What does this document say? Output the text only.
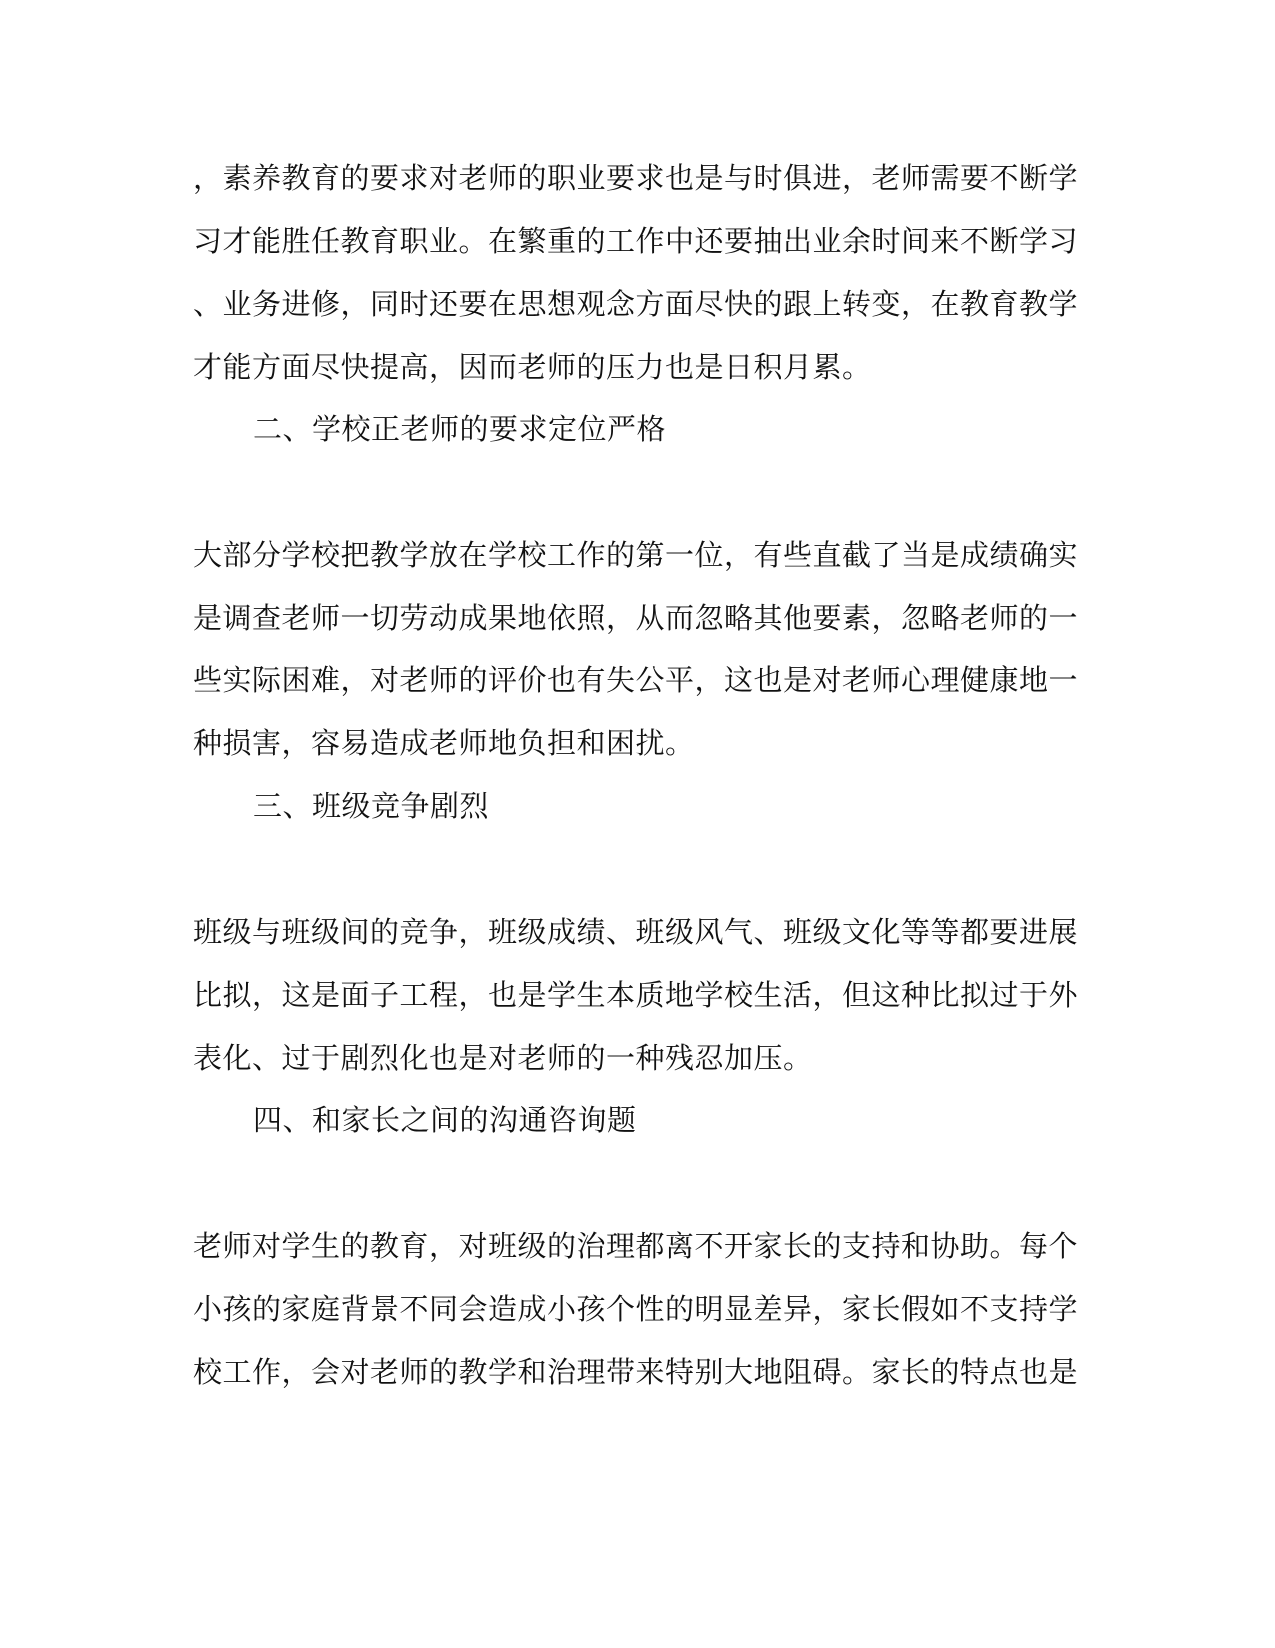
，素养教育的要求对老师的职业要求也是与时俱进，老师需要不断学
习才能胜任教育职业。在繁重的工作中还要抽出业余时间来不断学习
、业务进修，同时还要在思想观念方面尽快的跟上转变，在教育教学
才能方面尽快提高，因而老师的压力也是日积月累。
二、学校正老师的要求定位严格
大部分学校把教学放在学校工作的第一位，有些直截了当是成绩确实
是调查老师一切劳动成果地依照，从而忽略其他要素，忽略老师的一
些实际困难，对老师的评价也有失公平，这也是对老师心理健康地一
种损害，容易造成老师地负担和困扰。
三、班级竞争剧烈
班级与班级间的竞争，班级成绩、班级风气、班级文化等等都要进展
比拟，这是面子工程，也是学生本质地学校生活，但这种比拟过于外
表化、过于剧烈化也是对老师的一种残忍加压。
四、和家长之间的沟通咨询题
老师对学生的教育，对班级的治理都离不开家长的支持和协助。每个
小孩的家庭背景不同会造成小孩个性的明显差异，家长假如不支持学
校工作，会对老师的教学和治理带来特别大地阻碍。家长的特点也是
